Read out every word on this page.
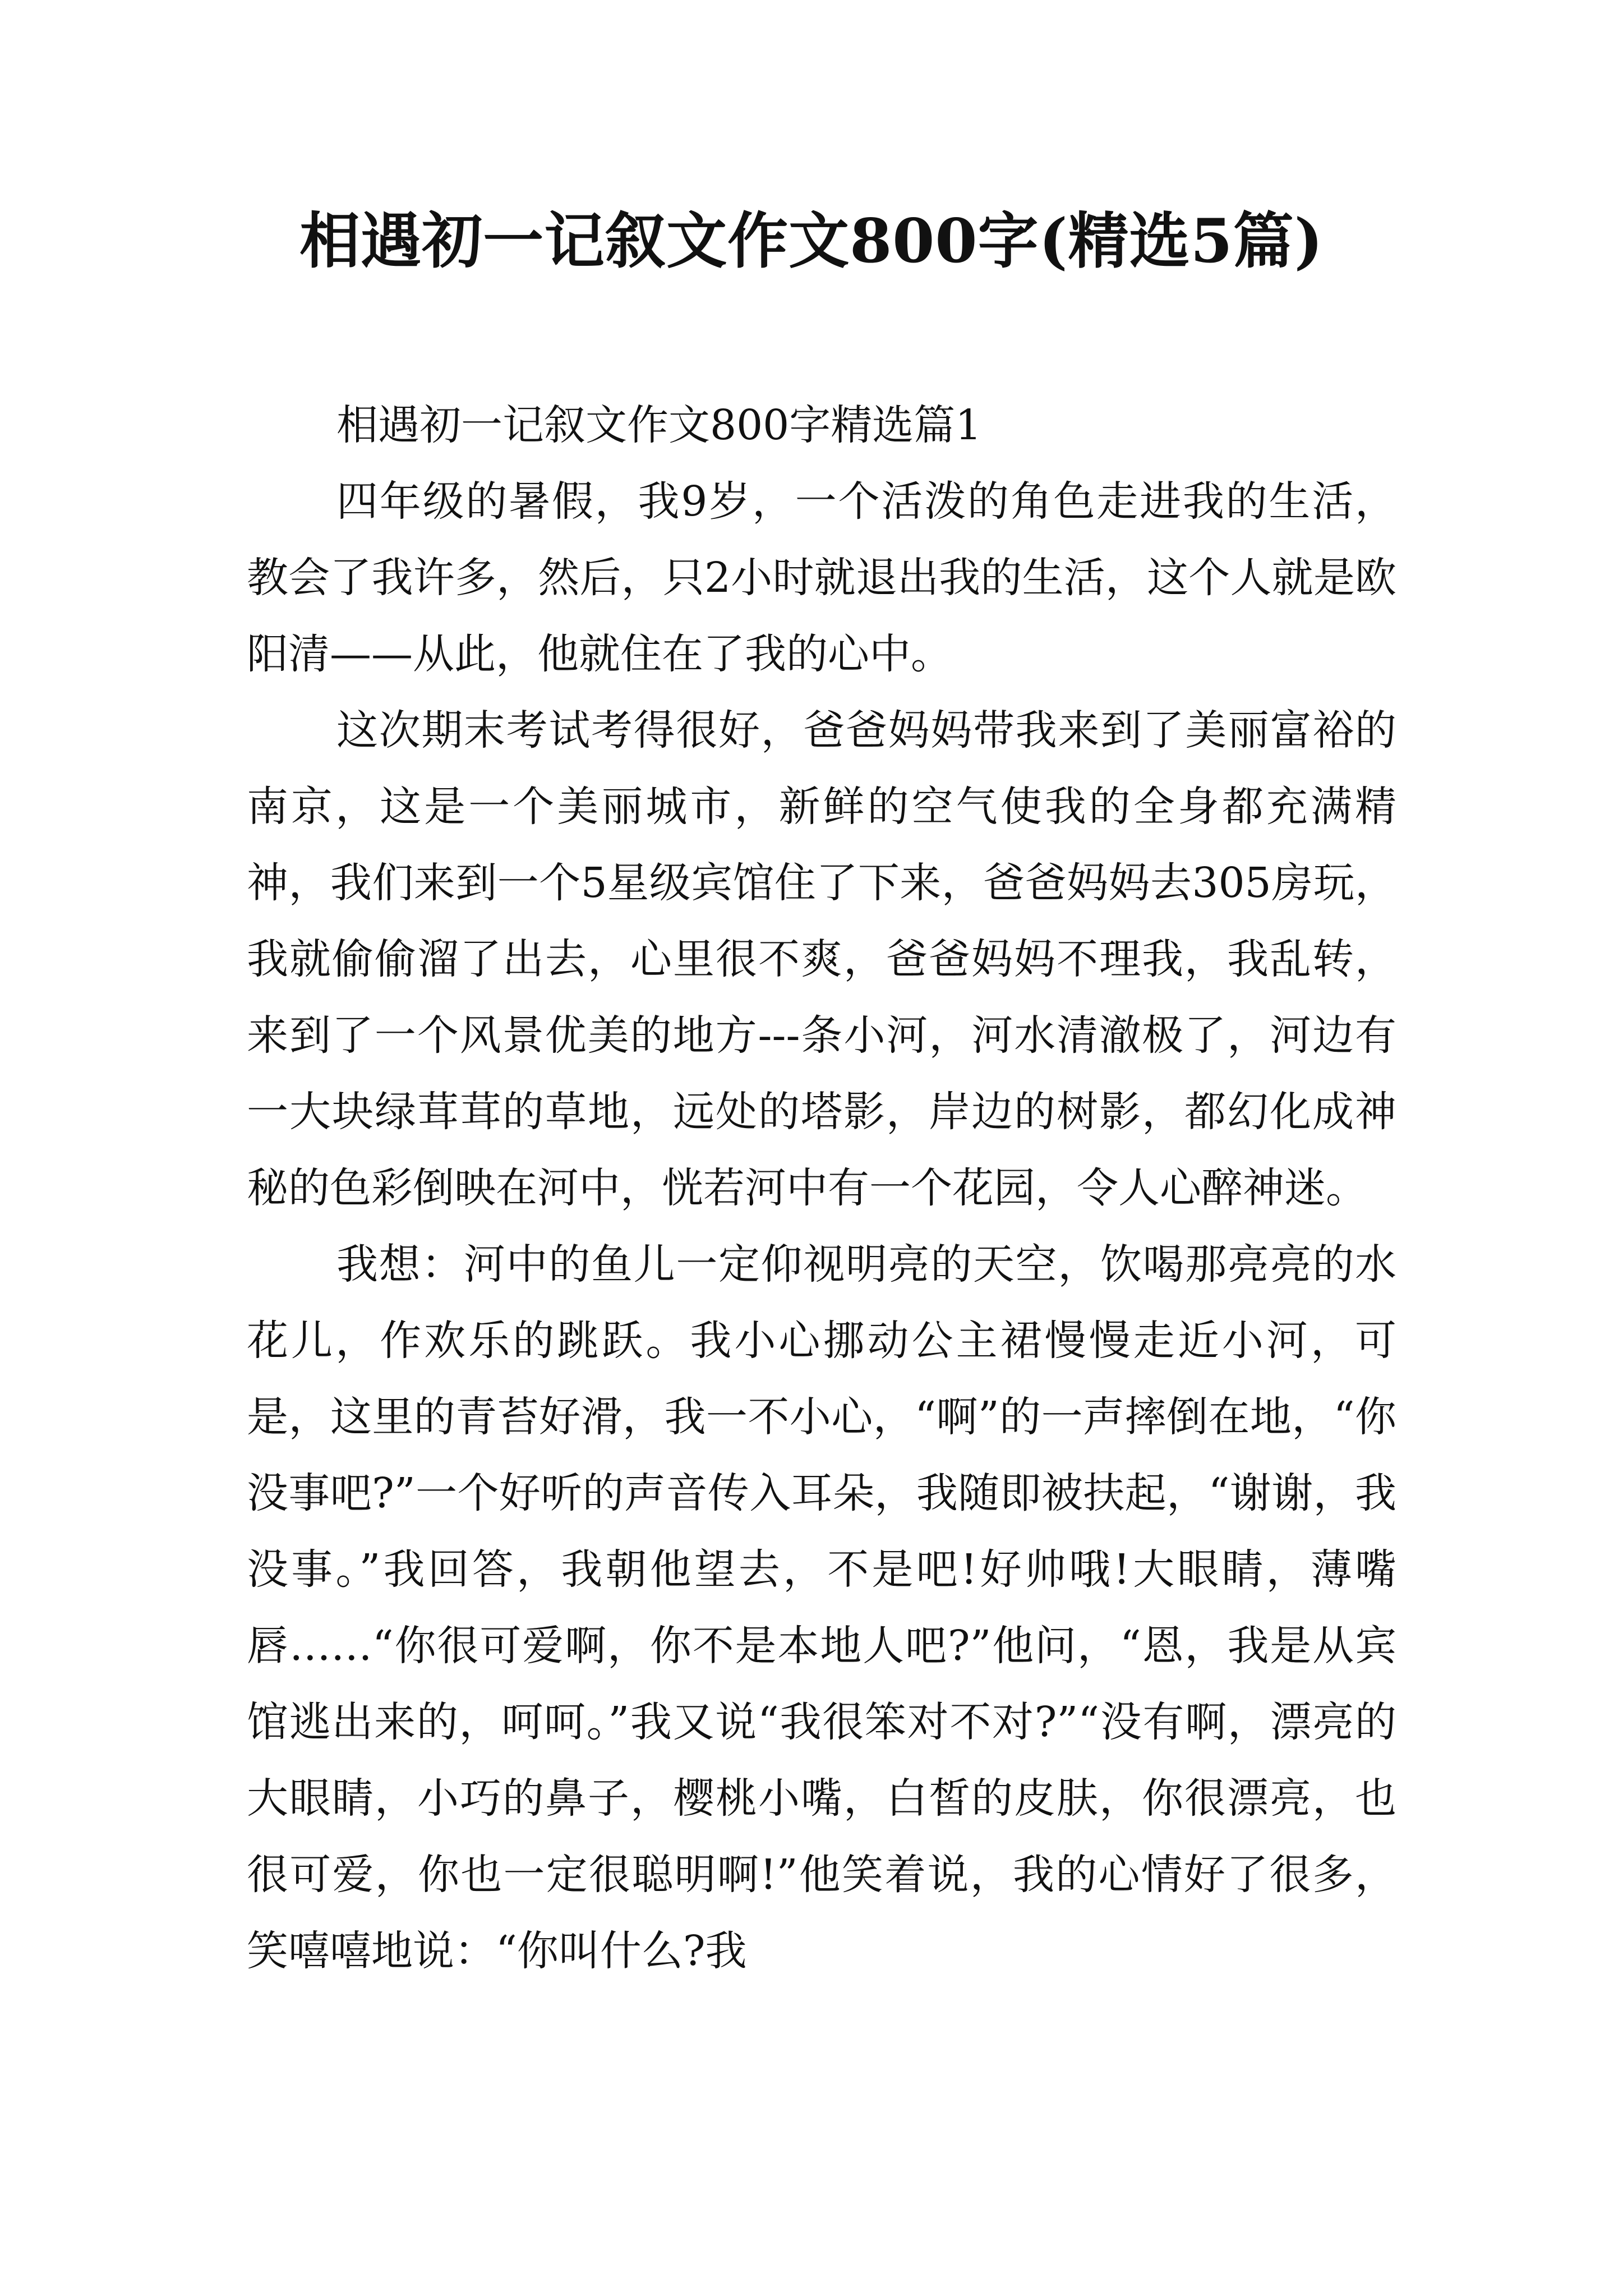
相遇初一记叙文作文800字(精选5篇)

相遇初一记叙文作文800字精选篇1

四年级的暑假，我9岁，一个活泼的角色走进我的生活，教会了我许多，然后，只2小时就退出我的生活，这个人就是欧阳清——从此，他就住在了我的心中。

这次期末考试考得很好，爸爸妈妈带我来到了美丽富裕的南京，这是一个美丽城市，新鲜的空气使我的全身都充满精神，我们来到一个5星级宾馆住了下来，爸爸妈妈去305房玩，我就偷偷溜了出去，心里很不爽，爸爸妈妈不理我，我乱转，来到了一个风景优美的地方---条小河，河水清澈极了，河边有一大块绿茸茸的草地，远处的塔影，岸边的树影，都幻化成神秘的色彩倒映在河中，恍若河中有一个花园，令人心醉神迷。

我想：河中的鱼儿一定仰视明亮的天空，饮喝那亮亮的水花儿，作欢乐的跳跃。我小心挪动公主裙慢慢走近小河，可是，这里的青苔好滑，我一不小心，“啊”的一声摔倒在地，“你没事吧?”一个好听的声音传入耳朵，我随即被扶起，“谢谢，我没事。”我回答，我朝他望去，不是吧!好帅哦!大眼睛，薄嘴唇……“你很可爱啊，你不是本地人吧?”他问，“恩，我是从宾馆逃出来的，呵呵。”我又说“我很笨对不对?”“没有啊，漂亮的大眼睛，小巧的鼻子，樱桃小嘴，白皙的皮肤，你很漂亮，也很可爱，你也一定很聪明啊!”他笑着说，我的心情好了很多，笑嘻嘻地说：“你叫什么?我
